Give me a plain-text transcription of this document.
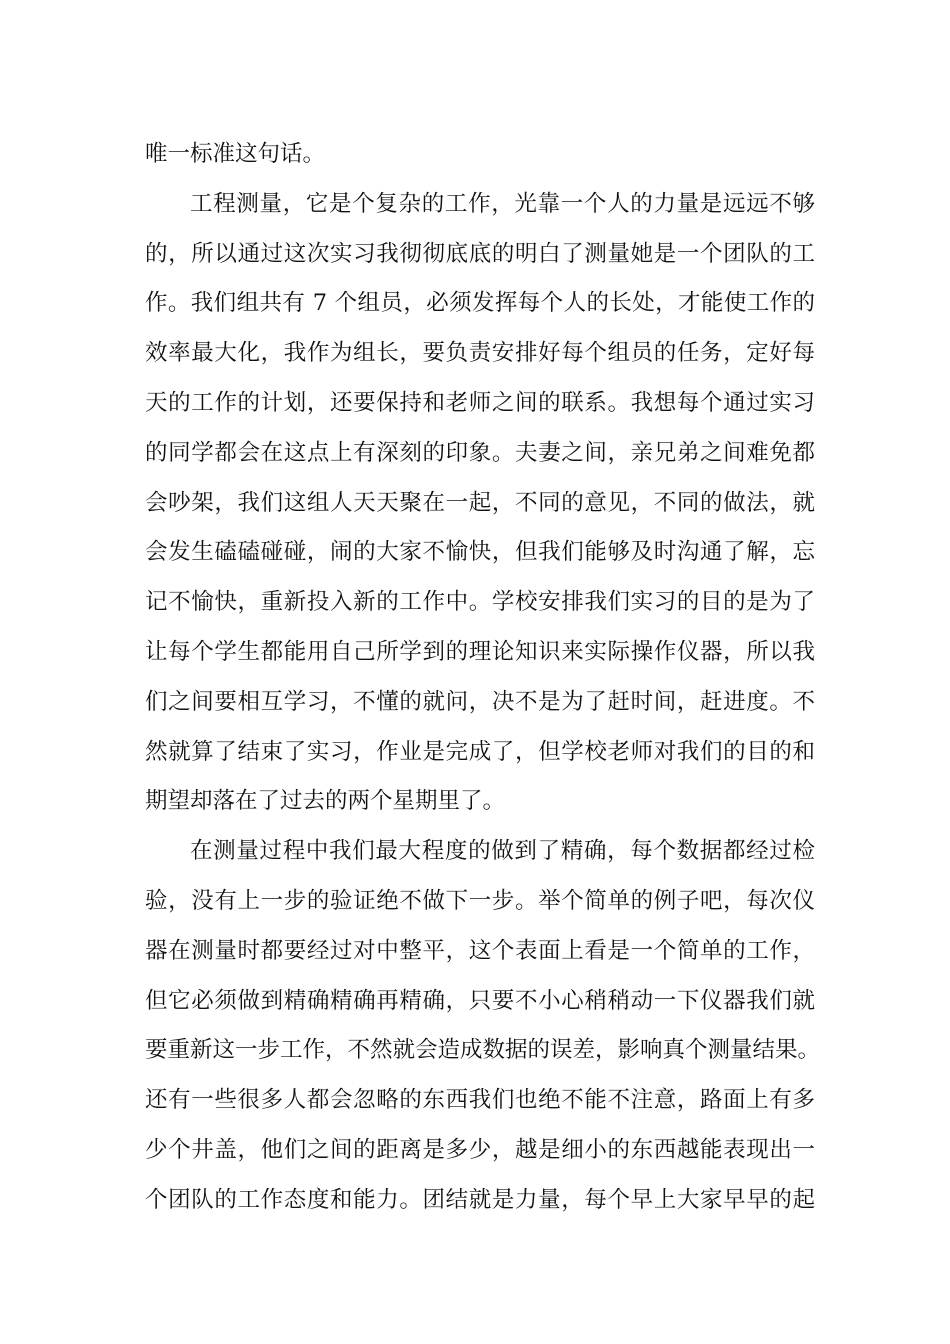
唯一标准这句话。
工程测量，它是个复杂的工作，光靠一个人的力量是远远不够
的，所以通过这次实习我彻彻底底的明白了测量她是一个团队的工
作。我们组共有 7 个组员，必须发挥每个人的长处，才能使工作的
效率最大化，我作为组长，要负责安排好每个组员的任务，定好每
天的工作的计划，还要保持和老师之间的联系。我想每个通过实习
的同学都会在这点上有深刻的印象。夫妻之间，亲兄弟之间难免都
会吵架，我们这组人天天聚在一起，不同的意见，不同的做法，就
会发生磕磕碰碰，闹的大家不愉快，但我们能够及时沟通了解，忘
记不愉快，重新投入新的工作中。学校安排我们实习的目的是为了
让每个学生都能用自己所学到的理论知识来实际操作仪器，所以我
们之间要相互学习，不懂的就问，决不是为了赶时间，赶进度。不
然就算了结束了实习，作业是完成了，但学校老师对我们的目的和
期望却落在了过去的两个星期里了。
在测量过程中我们最大程度的做到了精确，每个数据都经过检
验，没有上一步的验证绝不做下一步。举个简单的例子吧，每次仪
器在测量时都要经过对中整平，这个表面上看是一个简单的工作，
但它必须做到精确精确再精确，只要不小心稍稍动一下仪器我们就
要重新这一步工作，不然就会造成数据的误差，影响真个测量结果。
还有一些很多人都会忽略的东西我们也绝不能不注意，路面上有多
少个井盖，他们之间的距离是多少，越是细小的东西越能表现出一
个团队的工作态度和能力。团结就是力量，每个早上大家早早的起
